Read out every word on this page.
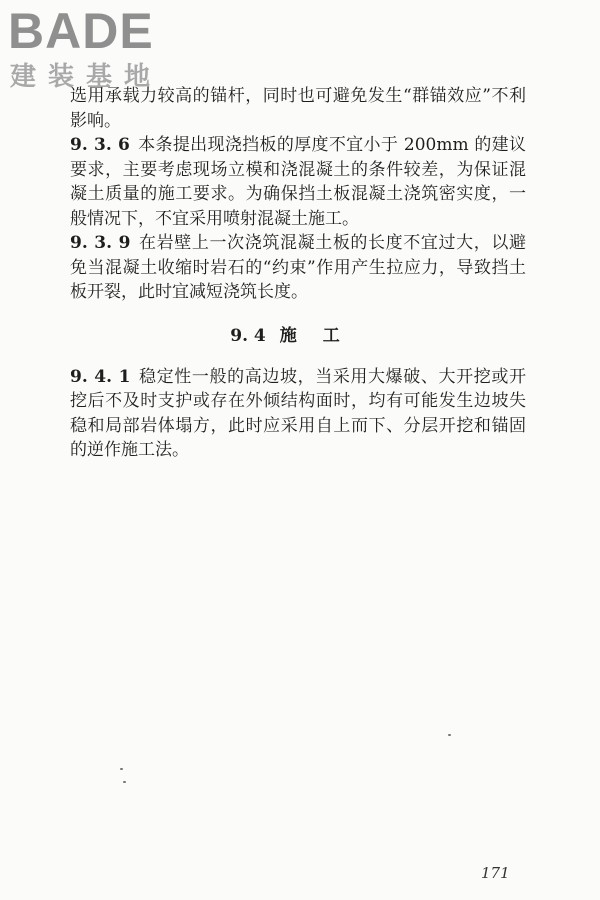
BADE
建装基地

选用承载力较高的锚杆，同时也可避免发生“群锚效应”不利影响。

9. 3. 6 本条提出现浇挡板的厚度不宜小于 200mm 的建议要求，主要考虑现场立模和浇混凝土的条件较差，为保证混凝土质量的施工要求。为确保挡土板混凝土浇筑密实度，一般情况下，不宜采用喷射混凝土施工。

9. 3. 9 在岩壁上一次浇筑混凝土板的长度不宜过大，以避免当混凝土收缩时岩石的“约束”作用产生拉应力，导致挡土板开裂，此时宜减短浇筑长度。

9. 4 施工

9. 4. 1 稳定性一般的高边坡，当采用大爆破、大开挖或开挖后不及时支护或存在外倾结构面时，均有可能发生边坡失稳和局部岩体塌方，此时应采用自上而下、分层开挖和锚固的逆作施工法。

171
